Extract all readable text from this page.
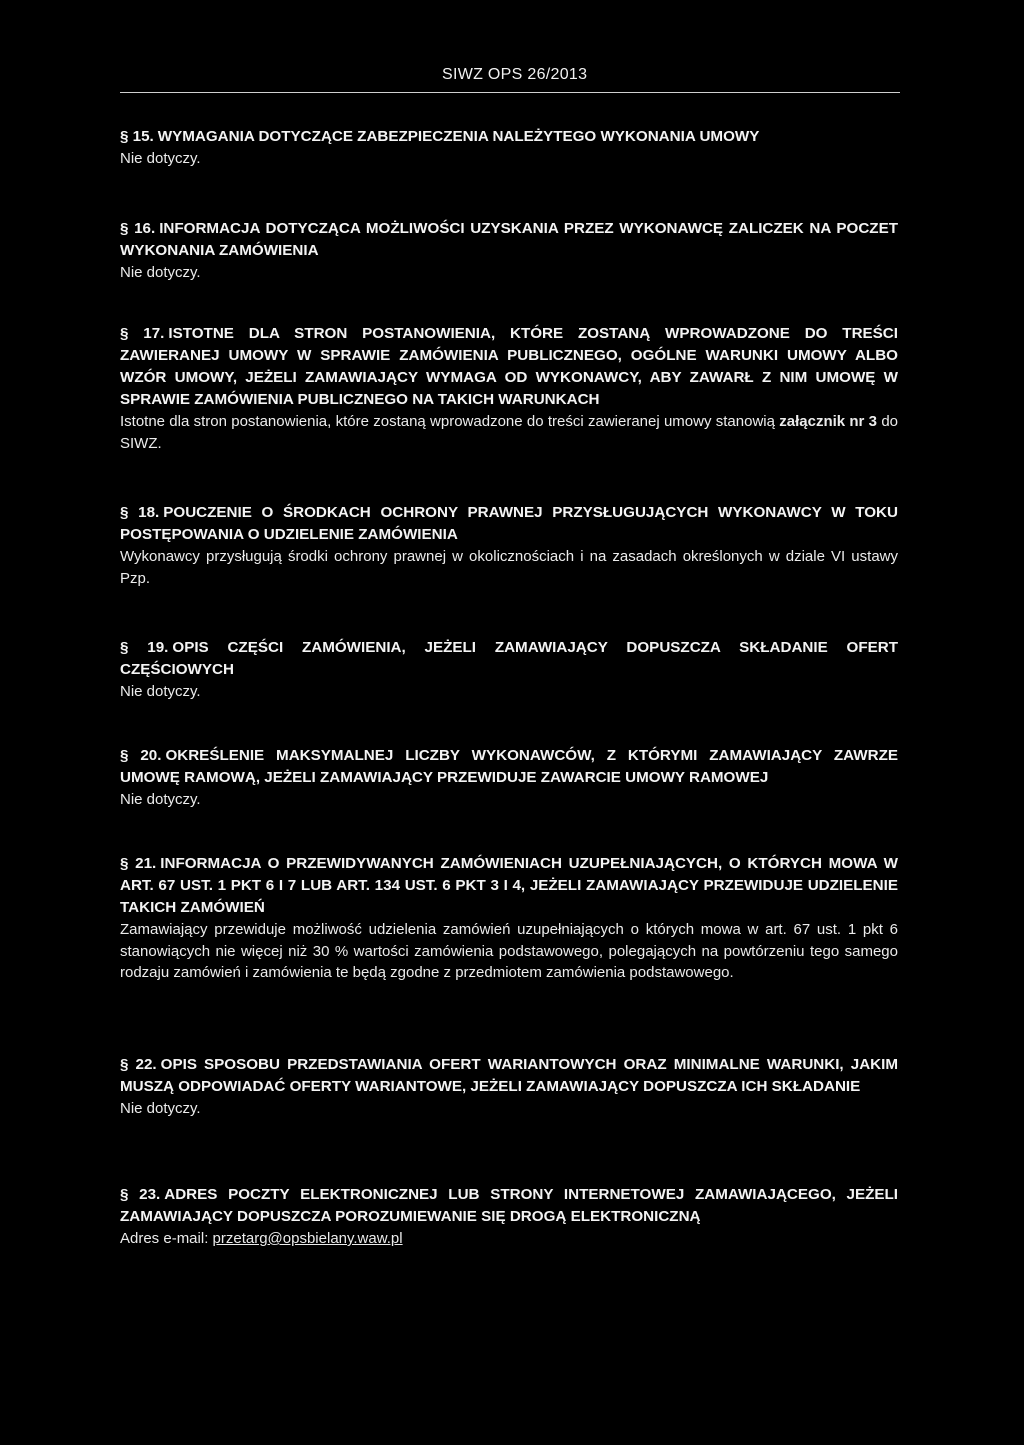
SIWZ OPS 26/2013

§ 15. WYMAGANIA DOTYCZĄCE ZABEZPIECZENIA NALEŻYTEGO WYKONANIA UMOWY

Nie dotyczy.

§ 16. INFORMACJA DOTYCZĄCA MOŻLIWOŚCI UZYSKANIA PRZEZ WYKONAWCĘ ZALICZEK NA POCZET WYKONANIA ZAMÓWIENIA

Nie dotyczy.

§ 17. ISTOTNE DLA STRON POSTANOWIENIA, KTÓRE ZOSTANĄ WPROWADZONE DO TREŚCI ZAWIERANEJ UMOWY W SPRAWIE ZAMÓWIENIA PUBLICZNEGO, OGÓLNE WARUNKI UMOWY ALBO WZÓR UMOWY, JEŻELI ZAMAWIAJĄCY WYMAGA OD WYKONAWCY, ABY ZAWARŁ Z NIM UMOWĘ W SPRAWIE ZAMÓWIENIA PUBLICZNEGO NA TAKICH WARUNKACH

Istotne dla stron postanowienia, które zostaną wprowadzone do treści zawieranej umowy stanowią załącznik nr 3 do SIWZ.

§ 18. POUCZENIE O ŚRODKACH OCHRONY PRAWNEJ PRZYSŁUGUJĄCYCH WYKONAWCY W TOKU POSTĘPOWANIA O UDZIELENIE ZAMÓWIENIA

Wykonawcy przysługują środki ochrony prawnej w okolicznościach i na zasadach określonych w dziale VI ustawy Pzp.

§ 19. OPIS CZĘŚCI ZAMÓWIENIA, JEŻELI ZAMAWIAJĄCY DOPUSZCZA SKŁADANIE OFERT CZĘŚCIOWYCH

Nie dotyczy.

§ 20. OKREŚLENIE MAKSYMALNEJ LICZBY WYKONAWCÓW, Z KTÓRYMI ZAMAWIAJĄCY ZAWRZE UMOWĘ RAMOWĄ, JEŻELI ZAMAWIAJĄCY PRZEWIDUJE ZAWARCIE UMOWY RAMOWEJ

Nie dotyczy.

§ 21. INFORMACJA O PRZEWIDYWANYCH ZAMÓWIENIACH UZUPEŁNIAJĄCYCH, O KTÓRYCH MOWA W ART. 67 UST. 1 PKT 6 I 7 LUB ART. 134 UST. 6 PKT 3 I 4, JEŻELI ZAMAWIAJĄCY PRZEWIDUJE UDZIELENIE TAKICH ZAMÓWIEŃ

Zamawiający przewiduje możliwość udzielenia zamówień uzupełniających o których mowa w art. 67 ust. 1 pkt 6 stanowiących nie więcej niż 30 % wartości zamówienia podstawowego, polegających na powtórzeniu tego samego rodzaju zamówień i zamówienia te będą zgodne z przedmiotem zamówienia podstawowego.

§ 22. OPIS SPOSOBU PRZEDSTAWIANIA OFERT WARIANTOWYCH ORAZ MINIMALNE WARUNKI, JAKIM MUSZĄ ODPOWIADAĆ OFERTY WARIANTOWE, JEŻELI ZAMAWIAJĄCY DOPUSZCZA ICH SKŁADANIE

Nie dotyczy.

§ 23. ADRES POCZTY ELEKTRONICZNEJ LUB STRONY INTERNETOWEJ ZAMAWIAJĄCEGO, JEŻELI ZAMAWIAJĄCY DOPUSZCZA POROZUMIEWANIE SIĘ DROGĄ ELEKTRONICZNĄ

Adres e-mail: przetarg@opsbielany.waw.pl
